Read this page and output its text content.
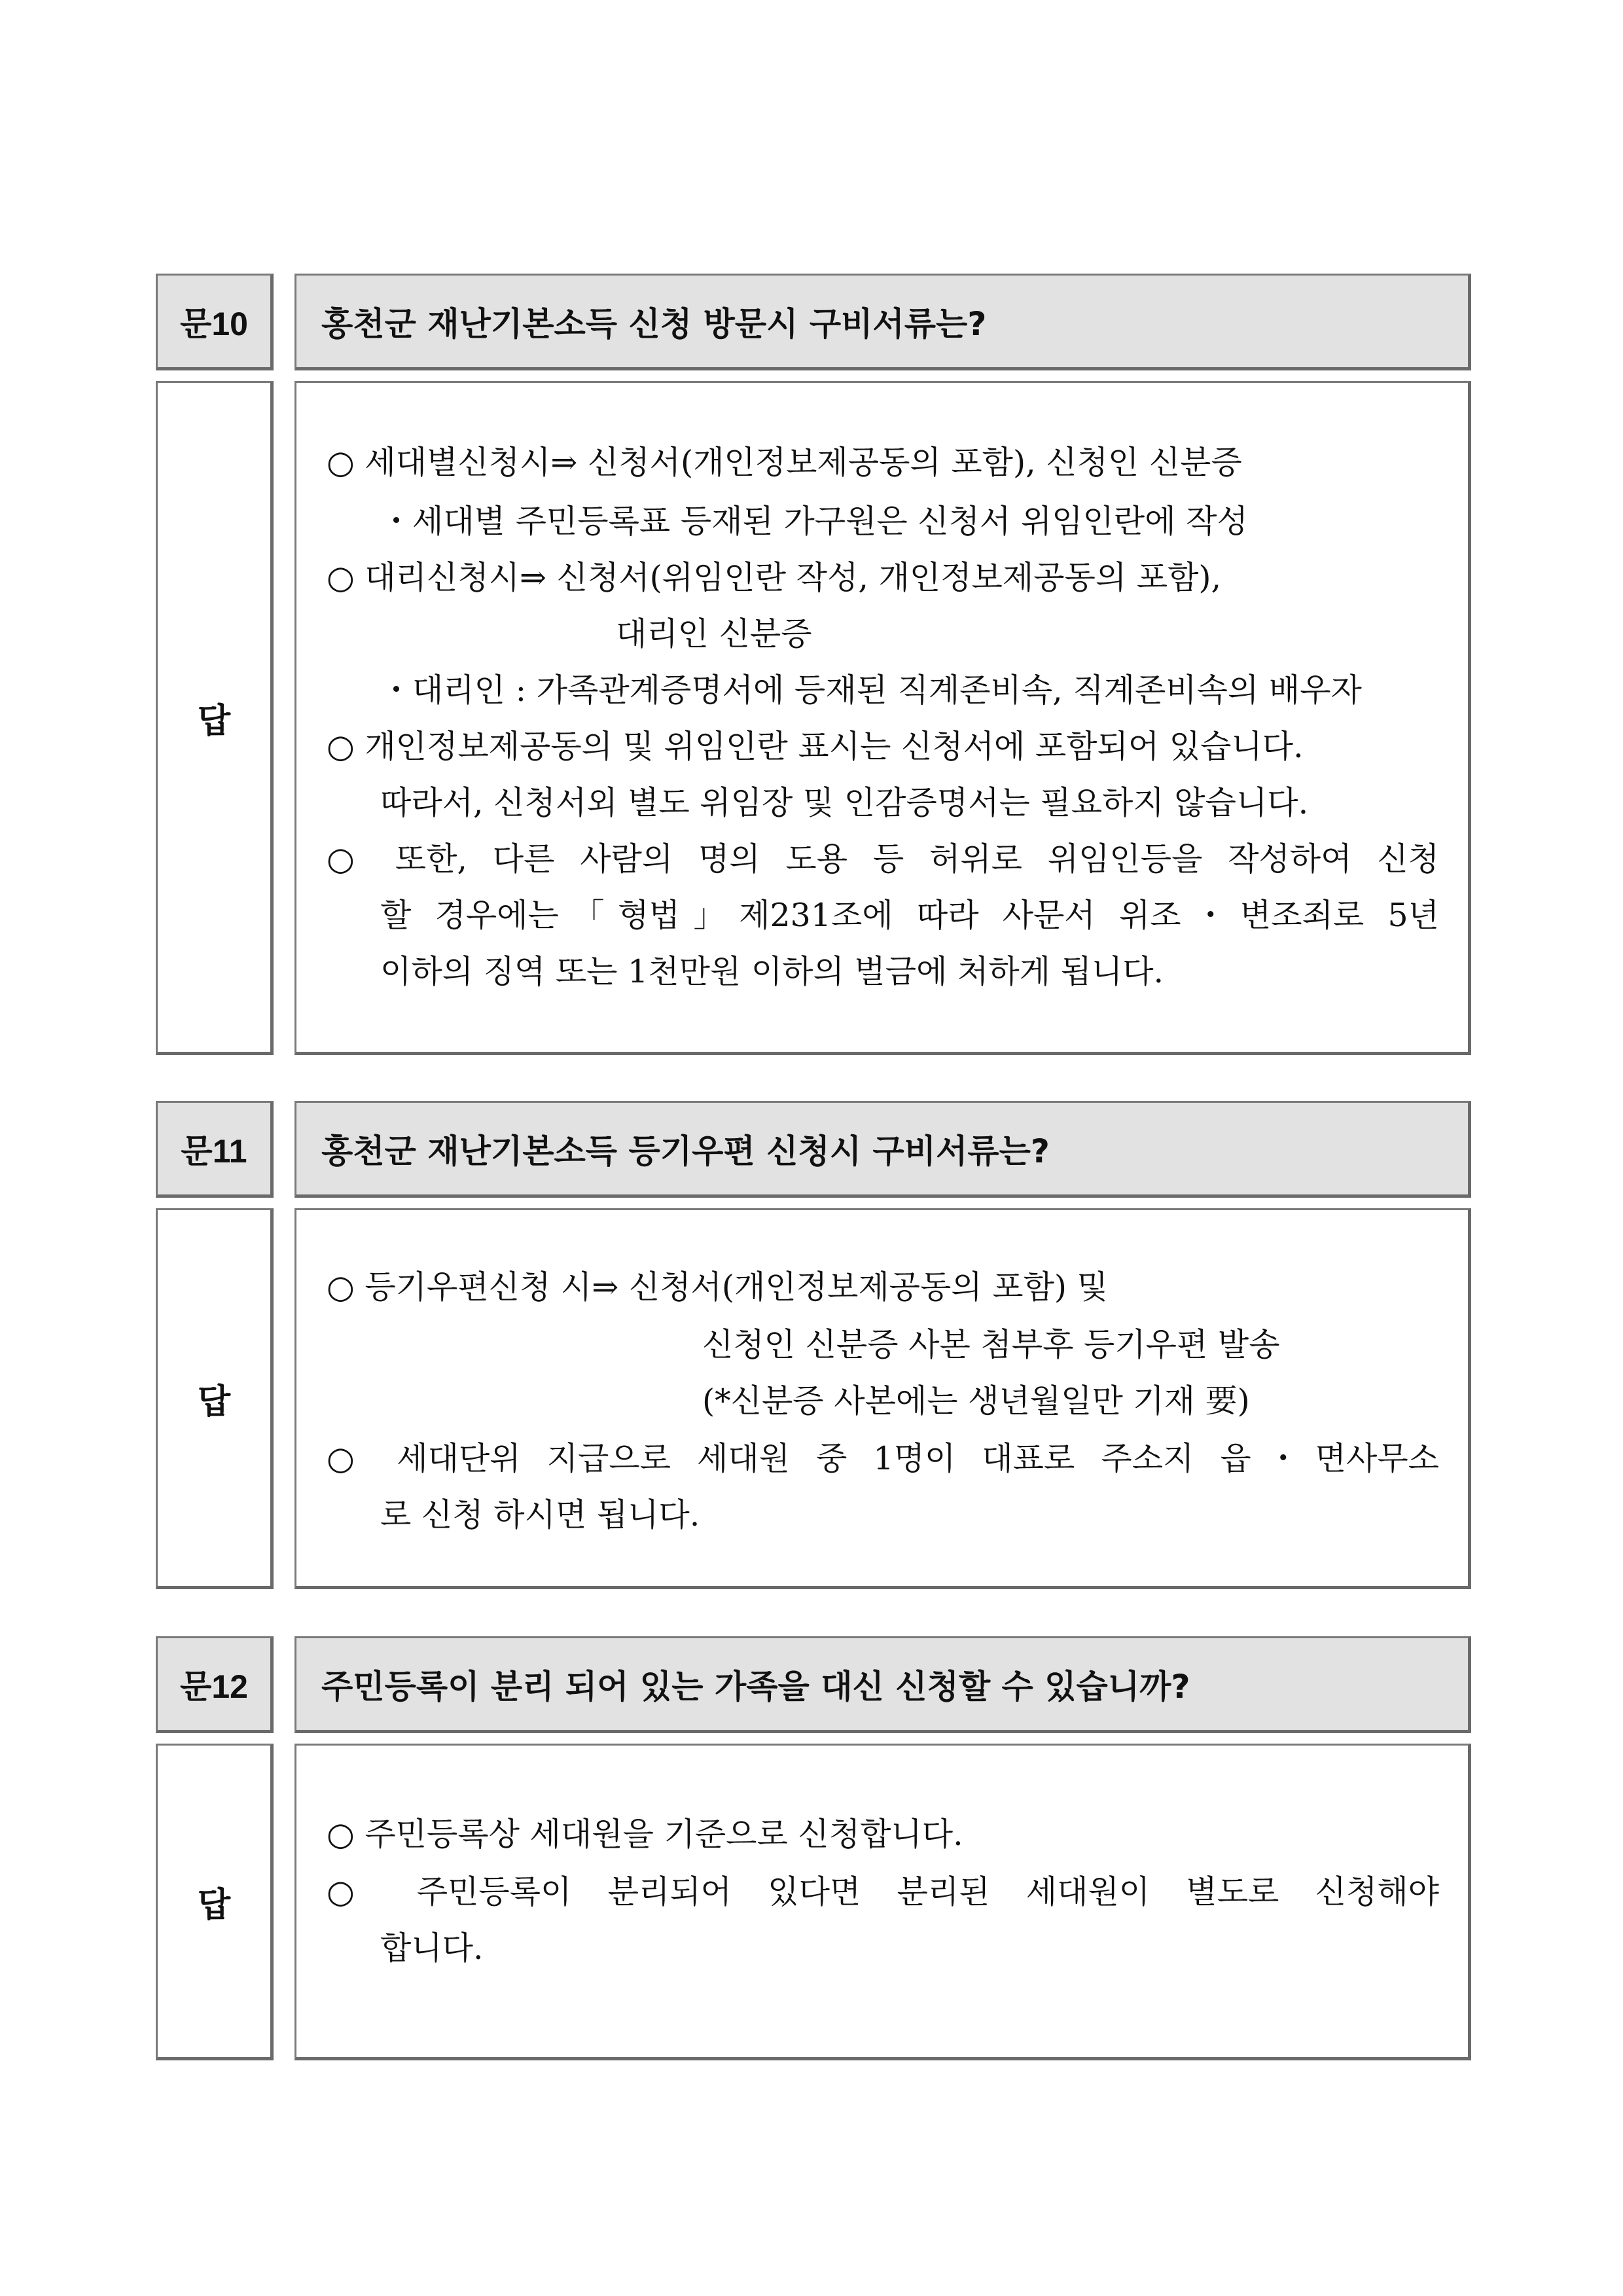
문10 홍천군 재난기본소득 신청 방문시 구비서류는?
답
○ 세대별신청시⇒ 신청서(개인정보제공동의 포함), 신청인 신분증
・세대별 주민등록표 등재된 가구원은 신청서 위임인란에 작성
○ 대리신청시⇒ 신청서(위임인란 작성, 개인정보제공동의 포함),
대리인 신분증
・대리인 : 가족관계증명서에 등재된 직계존비속, 직계존비속의 배우자
○ 개인정보제공동의 및 위임인란 표시는 신청서에 포함되어 있습니다.
따라서, 신청서외 별도 위임장 및 인감증명서는 필요하지 않습니다.
○ 또한, 다른 사람의 명의 도용 등 허위로 위임인등을 작성하여 신청
할 경우에는「형법」제231조에 따라 사문서 위조・변조죄로 5년
이하의 징역 또는 1천만원 이하의 벌금에 처하게 됩니다.
문11 홍천군 재난기본소득 등기우편 신청시 구비서류는?
답
○ 등기우편신청 시⇒ 신청서(개인정보제공동의 포함) 및
신청인 신분증 사본 첨부후 등기우편 발송
(*신분증 사본에는 생년월일만 기재 要)
○ 세대단위 지급으로 세대원 중 1명이 대표로 주소지 읍・면사무소
로 신청 하시면 됩니다.
문12 주민등록이 분리 되어 있는 가족을 대신 신청할 수 있습니까?
답
○ 주민등록상 세대원을 기준으로 신청합니다.
○ 주민등록이 분리되어 있다면 분리된 세대원이 별도로 신청해야
합니다.
